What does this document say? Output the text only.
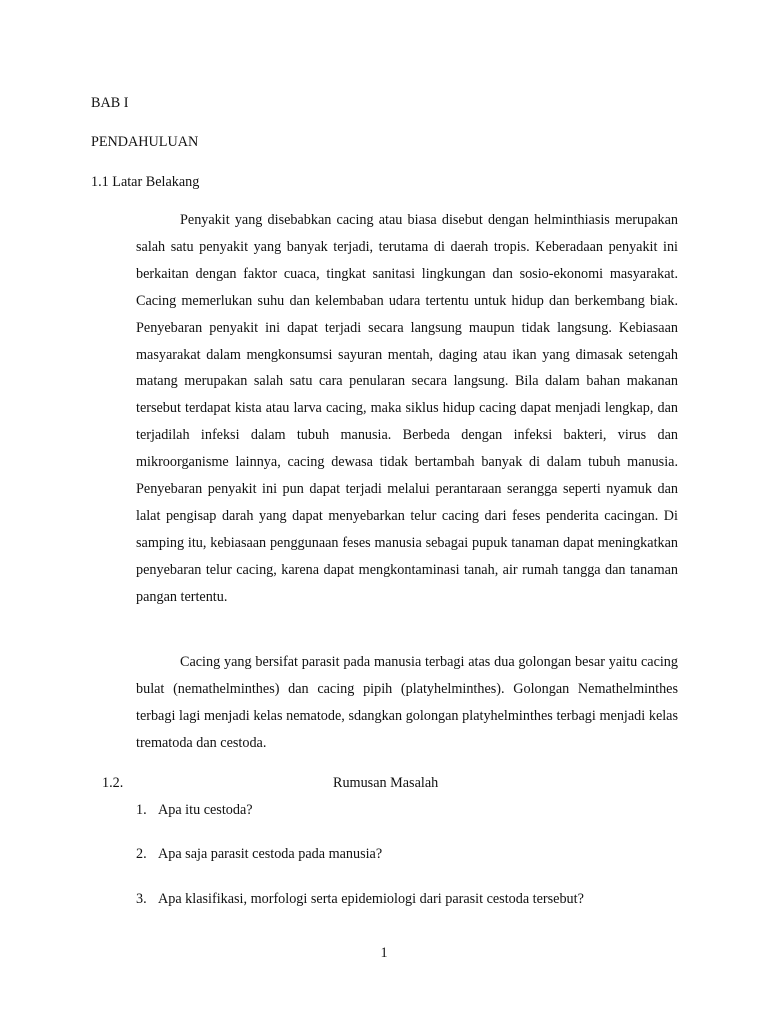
BAB I

PENDAHULUAN

1.1 Latar Belakang

Penyakit yang disebabkan cacing atau biasa disebut dengan helminthiasis merupakan salah satu penyakit yang banyak terjadi, terutama di daerah tropis. Keberadaan penyakit ini berkaitan dengan faktor cuaca, tingkat sanitasi lingkungan dan sosio-ekonomi masyarakat. Cacing memerlukan suhu dan kelembaban udara tertentu untuk hidup dan berkembang biak. Penyebaran penyakit ini dapat terjadi secara langsung maupun tidak langsung. Kebiasaan masyarakat dalam mengkonsumsi sayuran mentah, daging atau ikan yang dimasak setengah matang merupakan salah satu cara penularan secara langsung. Bila dalam bahan makanan tersebut terdapat kista atau larva cacing, maka siklus hidup cacing dapat menjadi lengkap, dan terjadilah infeksi dalam tubuh manusia. Berbeda dengan infeksi bakteri, virus dan mikroorganisme lainnya, cacing dewasa tidak bertambah banyak di dalam tubuh manusia. Penyebaran penyakit ini pun dapat terjadi melalui perantaraan serangga seperti nyamuk dan lalat pengisap darah yang dapat menyebarkan telur cacing dari feses penderita cacingan. Di samping itu, kebiasaan penggunaan feses manusia sebagai pupuk tanaman dapat meningkatkan penyebaran telur cacing, karena dapat mengkontaminasi tanah, air rumah tangga dan tanaman pangan tertentu.

Cacing yang bersifat parasit pada manusia terbagi atas dua golongan besar yaitu cacing bulat (nemathelminthes) dan cacing pipih (platyhelminthes). Golongan Nemathelminthes terbagi lagi menjadi kelas nematode, sdangkan golongan platyhelminthes terbagi menjadi kelas trematoda dan cestoda.

1.2.	Rumusan Masalah

1. Apa itu cestoda?

2. Apa saja parasit cestoda pada manusia?

3. Apa klasifikasi, morfologi serta epidemiologi dari parasit cestoda tersebut?

1
